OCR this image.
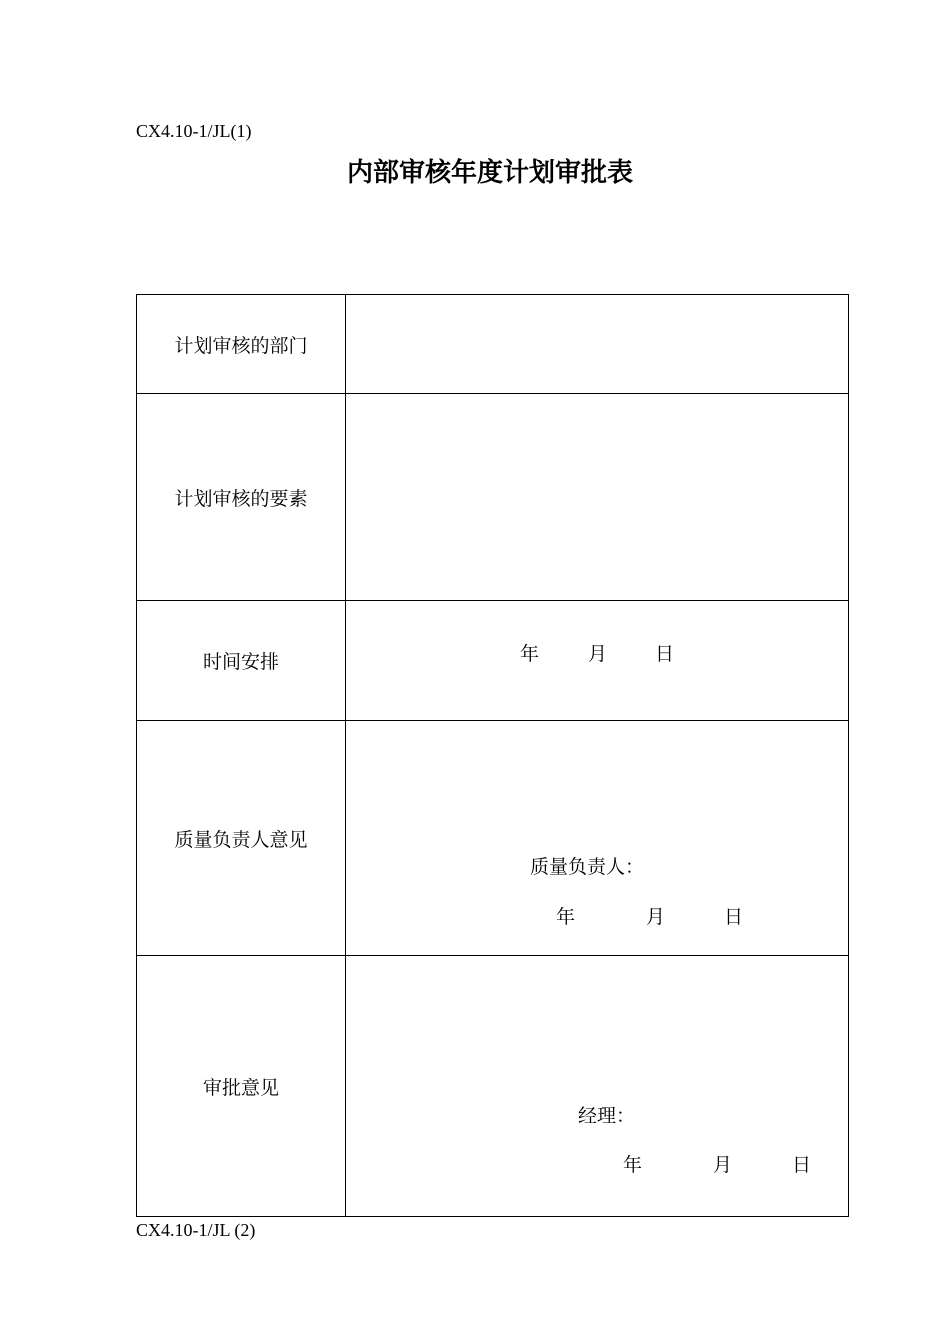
CX4.10-1/JL(1)
内部审核年度计划审批表
计划审核的部门	
计划审核的要素	
时间安排	年 月 日

质量负责人意见	质量负责人：
年 月 日

审批意见	经理：
年 月 日
CX4.10-1/JL (2)
